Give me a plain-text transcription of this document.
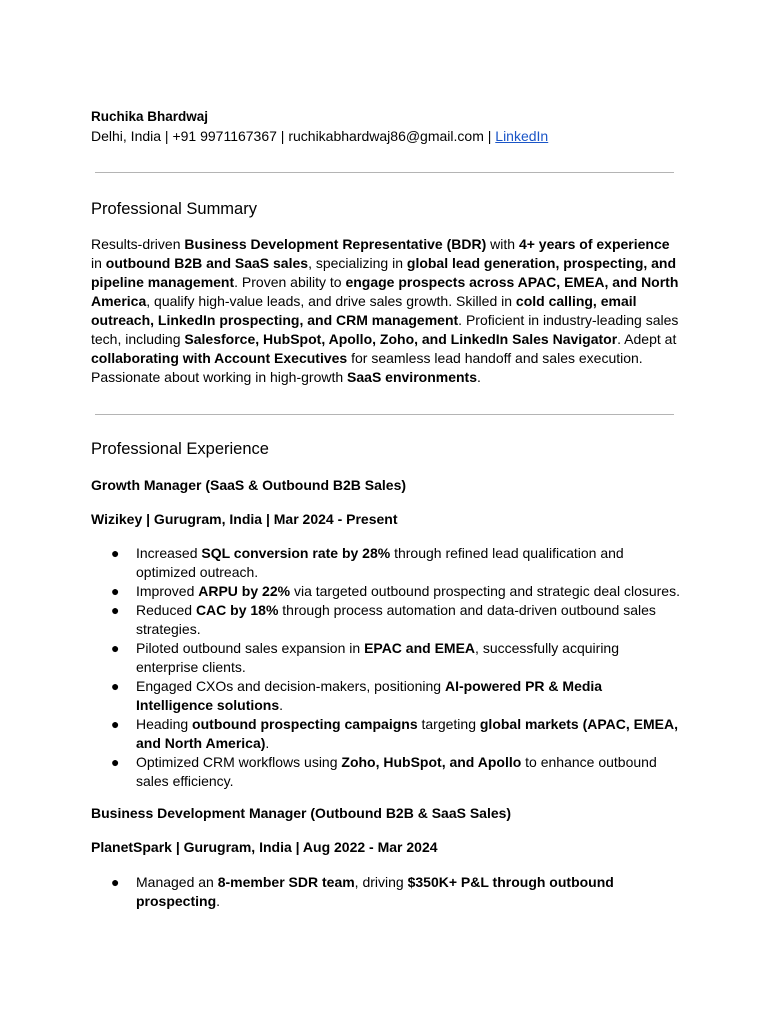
Ruchika Bhardwaj

Delhi, India | +91 9971167367 | ruchikabhardwaj86@gmail.com | LinkedIn

Professional Summary

Results-driven Business Development Representative (BDR) with 4+ years of experience in outbound B2B and SaaS sales, specializing in global lead generation, prospecting, and pipeline management. Proven ability to engage prospects across APAC, EMEA, and North America, qualify high-value leads, and drive sales growth. Skilled in cold calling, email outreach, LinkedIn prospecting, and CRM management. Proficient in industry-leading sales tech, including Salesforce, HubSpot, Apollo, Zoho, and LinkedIn Sales Navigator. Adept at collaborating with Account Executives for seamless lead handoff and sales execution. Passionate about working in high-growth SaaS environments.

Professional Experience

Growth Manager (SaaS & Outbound B2B Sales)

Wizikey | Gurugram, India | Mar 2024 - Present

● Increased SQL conversion rate by 28% through refined lead qualification and optimized outreach.
● Improved ARPU by 22% via targeted outbound prospecting and strategic deal closures.
● Reduced CAC by 18% through process automation and data-driven outbound sales strategies.
● Piloted outbound sales expansion in EPAC and EMEA, successfully acquiring enterprise clients.
● Engaged CXOs and decision-makers, positioning AI-powered PR & Media Intelligence solutions.
● Heading outbound prospecting campaigns targeting global markets (APAC, EMEA, and North America).
● Optimized CRM workflows using Zoho, HubSpot, and Apollo to enhance outbound sales efficiency.

Business Development Manager (Outbound B2B & SaaS Sales)

PlanetSpark | Gurugram, India | Aug 2022 - Mar 2024

● Managed an 8-member SDR team, driving $350K+ P&L through outbound prospecting.
